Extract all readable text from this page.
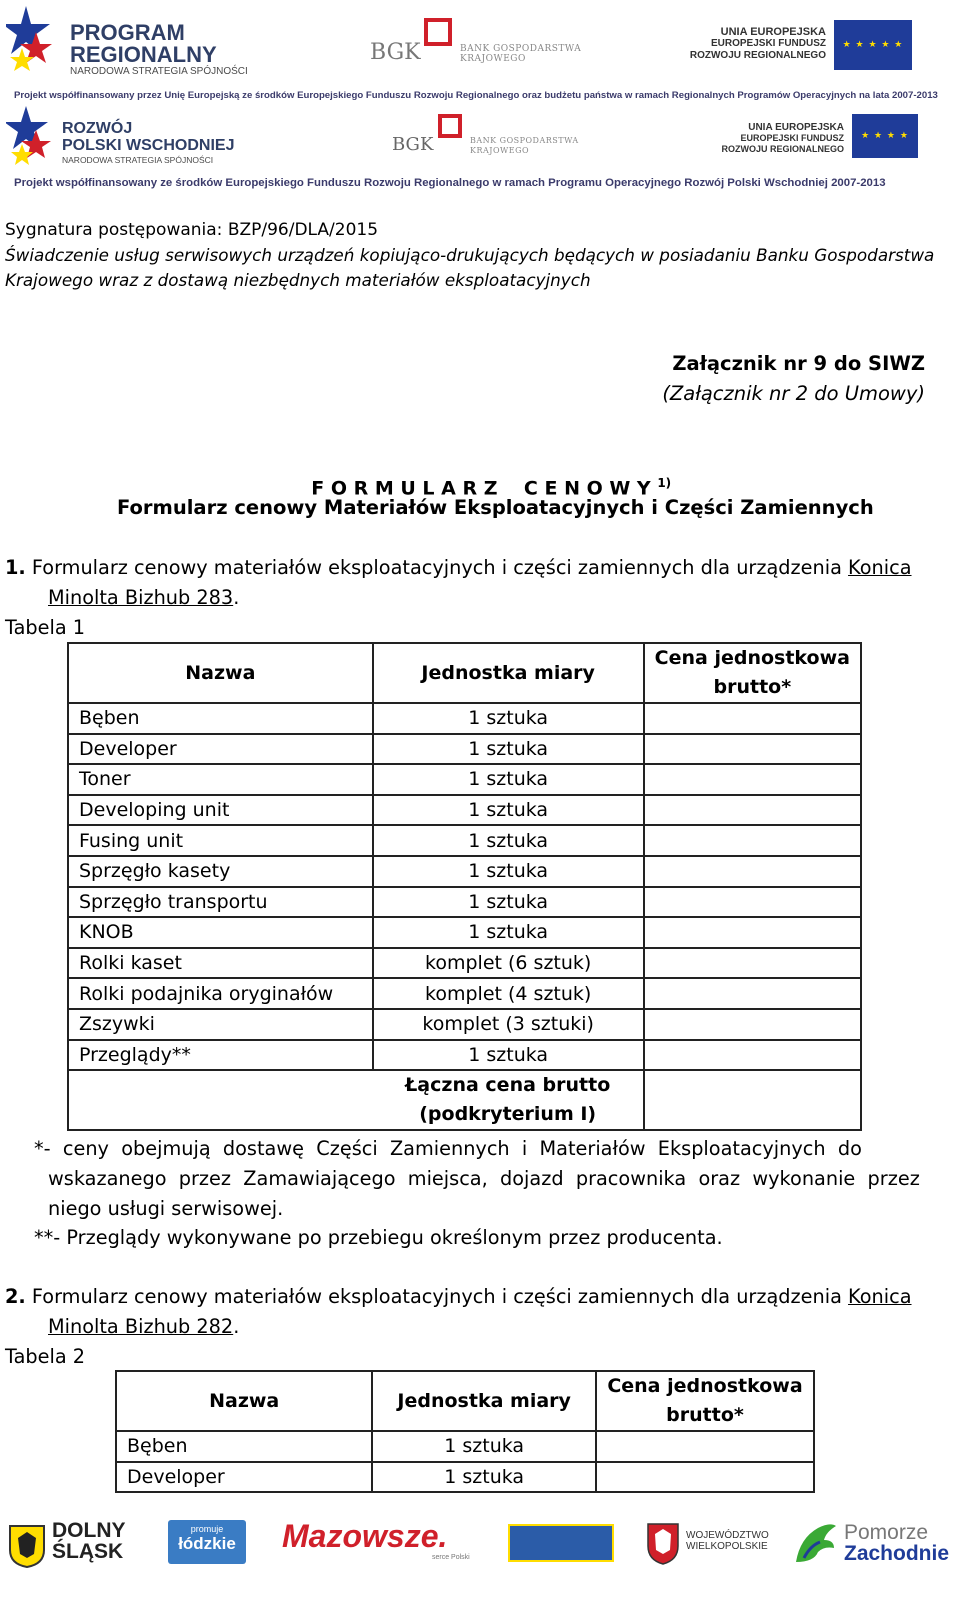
PROGRAM
REGIONALNY
NARODOWA STRATEGIA SPÓJNOŚCI
BGK	BANK GOSPODARSTWA
KRAJOWEGO
UNIA EUROPEJSKA
EUROPEJSKI FUNDUSZ
ROZWOJU REGIONALNEGO
★ ★ ★ ★ ★
Projekt współfinansowany przez Unię Europejską ze środków Europejskiego Funduszu Rozwoju Regionalnego oraz budżetu państwa w ramach Regionalnych Programów Operacyjnych na lata 2007-2013
ROZWÓJ
POLSKI WSCHODNIEJ
NARODOWA STRATEGIA SPÓJNOŚCI
BGK	BANK GOSPODARSTWA
KRAJOWEGO
UNIA EUROPEJSKA
EUROPEJSKI FUNDUSZ
ROZWOJU REGIONALNEGO
★ ★ ★ ★
Projekt współfinansowany ze środków Europejskiego Funduszu Rozwoju Regionalnego w ramach Programu Operacyjnego Rozwój Polski Wschodniej 2007-2013
Sygnatura postępowania: BZP/96/DLA/2015
Świadczenie usług serwisowych urządzeń kopiująco-drukujących będących w posiadaniu Banku Gospodarstwa
Krajowego wraz z dostawą niezbędnych materiałów eksploatacyjnych
Załącznik nr 9 do SIWZ
(Załącznik nr 2 do Umowy)

F O R M U L A R Z    C E N O W Y $^{1)}$

Formularz cenowy Materiałów Eksploatacyjnych i Części Zamiennych
1. Formularz cenowy materiałów eksploatacyjnych i części zamiennych dla urządzenia Konica
Minolta Bizhub 283.
Tabela 1
Nazwa	Jednostka miary	Cena jednostkowa
brutto*
Bęben	1 sztuka	
Developer	1 sztuka	
Toner	1 sztuka	
Developing unit	1 sztuka	
Fusing unit	1 sztuka	
Sprzęgło kasety	1 sztuka	
Sprzęgło transportu	1 sztuka	
KNOB	1 sztuka	
Rolki kaset	komplet (6 sztuk)	
Rolki podajnika oryginałów	komplet (4 sztuk)	
Zszywki	komplet (3 sztuki)	
Przeglądy**	1 sztuka	
	Łączna cena brutto
(podkryterium I)	
*-  ceny  obejmują  dostawę  Części  Zamiennych  i  Materiałów  Eksploatacyjnych  do
wskazanego  przez  Zamawiającego  miejsca,  dojazd  pracownika  oraz  wykonanie  przez
niego usługi serwisowej.
**- Przeglądy wykonywane po przebiegu określonym przez producenta.
2. Formularz cenowy materiałów eksploatacyjnych i części zamiennych dla urządzenia Konica
Minolta Bizhub 282.
Tabela 2
Nazwa	Jednostka miary	Cena jednostkowa
brutto*
Bęben	1 sztuka	
Developer	1 sztuka	
DOLNY
ŚLĄSK
promuje
łódzkie	Mazowsze.
serce Polski
WOJEWÓDZTWO
WIELKOPOLSKIE
Pomorze
Zachodnie
